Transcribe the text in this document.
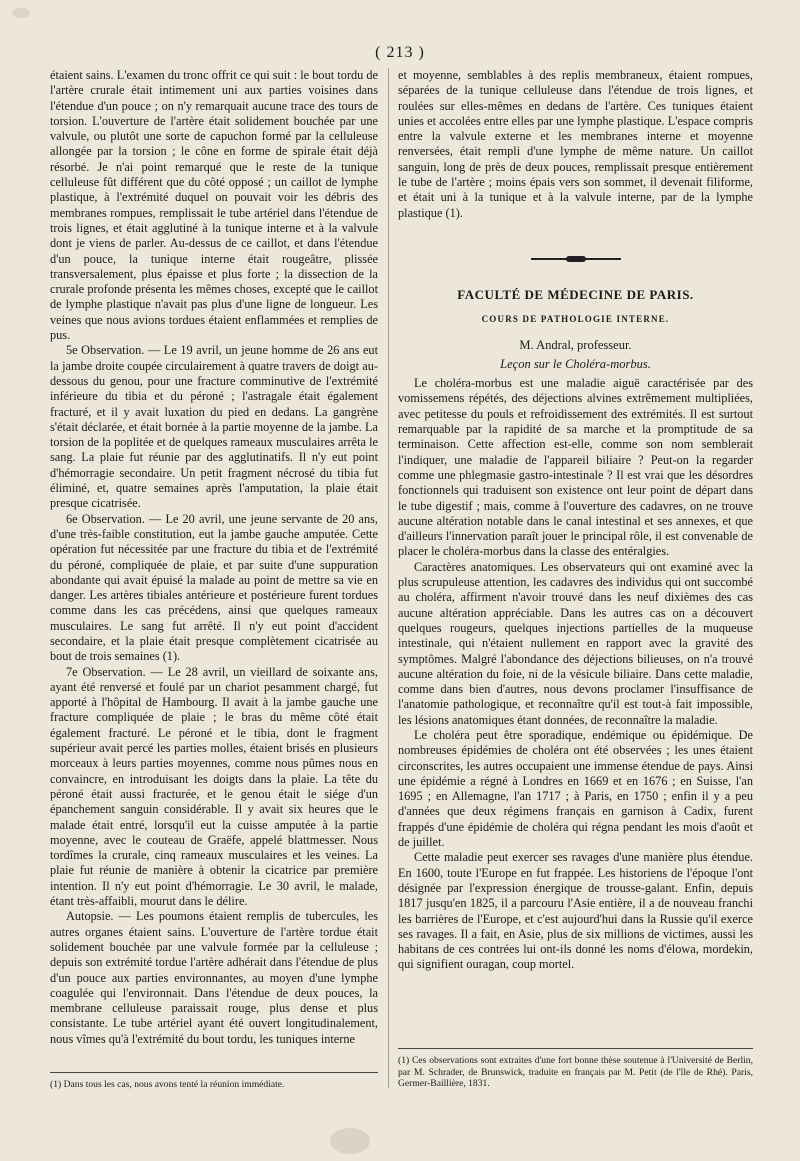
( 213 )

étaient sains. L'examen du tronc offrit ce qui suit : le bout tordu de l'artère crurale était intimement uni aux parties voisines dans l'étendue d'un pouce ; on n'y remarquait aucune trace des tours de torsion. L'ouverture de l'artère était solidement bouchée par une valvule, ou plutôt une sorte de capuchon formé par la celluleuse allongée par la torsion ; le cône en forme de spirale était déjà résorbé. Je n'ai point remarqué que le reste de la tunique celluleuse fût différent que du côté opposé ; un caillot de lymphe plastique, à l'extrémité duquel on pouvait voir les débris des membranes rompues, remplissait le tube artériel dans l'étendue de trois lignes, et était agglutiné à la tunique interne et à la valvule dont je viens de parler. Au-dessus de ce caillot, et dans l'étendue d'un pouce, la tunique interne était rougeâtre, plissée transversalement, plus épaisse et plus forte ; la dissection de la crurale profonde présenta les mêmes choses, excepté que le caillot de lymphe plastique n'avait pas plus d'une ligne de longueur. Les veines que nous avions tordues étaient enflammées et remplies de pus.

5e Observation. — Le 19 avril, un jeune homme de 26 ans eut la jambe droite coupée circulairement à quatre travers de doigt au-dessous du genou, pour une fracture comminutive de l'extrémité inférieure du tibia et du péroné ; l'astragale était également fracturé, et il y avait luxation du pied en dedans. La gangrène s'était déclarée, et était bornée à la partie moyenne de la jambe. La torsion de la poplitée et de quelques rameaux musculaires arrêta le sang. La plaie fut réunie par des agglutinatifs. Il n'y eut point d'hémorragie secondaire. Un petit fragment nécrosé du tibia fut éliminé, et, quatre semaines après l'amputation, la plaie était presque cicatrisée.

6e Observation. — Le 20 avril, une jeune servante de 20 ans, d'une très-faible constitution, eut la jambe gauche amputée. Cette opération fut nécessitée par une fracture du tibia et de l'extrémité du péroné, compliquée de plaie, et par suite d'une suppuration abondante qui avait épuisé la malade au point de mettre sa vie en danger. Les artères tibiales antérieure et postérieure furent tordues comme dans les cas précédens, ainsi que quelques rameaux musculaires. Le sang fut arrêté. Il n'y eut point d'accident secondaire, et la plaie était presque complètement cicatrisée au bout de trois semaines (1).

7e Observation. — Le 28 avril, un vieillard de soixante ans, ayant été renversé et foulé par un chariot pesamment chargé, fut apporté à l'hôpital de Hambourg. Il avait à la jambe gauche une fracture compliquée de plaie ; le bras du même côté était également fracturé. Le péroné et le tibia, dont le fragment supérieur avait percé les parties molles, étaient brisés en plusieurs morceaux à leurs parties moyennes, comme nous pûmes nous en convaincre, en introduisant les doigts dans la plaie. La tête du péroné était aussi fracturée, et le genou était le siége d'un épanchement sanguin considérable. Il y avait six heures que le malade était entré, lorsqu'il eut la cuisse amputée à la partie moyenne, avec le couteau de Graëfe, appelé blattmesser. Nous tordîmes la crurale, cinq rameaux musculaires et les veines. La plaie fut réunie de manière à obtenir la cicatrice par première intention. Il n'y eut point d'hémorragie. Le 30 avril, le malade, étant très-affaibli, mourut dans le délire.

Autopsie. — Les poumons étaient remplis de tubercules, les autres organes étaient sains. L'ouverture de l'artère tordue était solidement bouchée par une valvule formée par la celluleuse ; depuis son extrémité tordue l'artère adhérait dans l'étendue de plus d'un pouce aux parties environnantes, au moyen d'une lymphe coagulée qui l'environnait. Dans l'étendue de deux pouces, la membrane celluleuse paraissait rouge, plus dense et plus consistante. Le tube artériel ayant été ouvert longitudinalement, nous vîmes qu'à l'extrémité du bout tordu, les tuniques interne

(1) Dans tous les cas, nous avons tenté la réunion immédiate.

et moyenne, semblables à des replis membraneux, étaient rompues, séparées de la tunique celluleuse dans l'étendue de trois lignes, et roulées sur elles-mêmes en dedans de l'artère. Ces tuniques étaient unies et accolées entre elles par une lymphe plastique. L'espace compris entre la valvule externe et les membranes interne et moyenne renversées, était rempli d'une lymphe de même nature. Un caillot sanguin, long de près de deux pouces, remplissait presque entièrement le tube de l'artère ; moins épais vers son sommet, il devenait filiforme, et était uni à la tunique et à la valvule interne, par de la lymphe plastique (1).

FACULTÉ DE MÉDECINE DE PARIS.
COURS DE PATHOLOGIE INTERNE.
M. Andral, professeur.
Leçon sur le Choléra-morbus.

Le choléra-morbus est une maladie aiguë caractérisée par des vomissemens répétés, des déjections alvines extrêmement multipliées, avec petitesse du pouls et refroidissement des extrémités. Il est surtout remarquable par la rapidité de sa marche et la promptitude de sa terminaison. Cette affection est-elle, comme son nom semblerait l'indiquer, une maladie de l'appareil biliaire ? Peut-on la regarder comme une phlegmasie gastro-intestinale ? Il est vrai que les désordres fonctionnels qui traduisent son existence ont leur point de départ dans le tube digestif ; mais, comme à l'ouverture des cadavres, on ne trouve aucune altération notable dans le canal intestinal et ses annexes, et que d'ailleurs l'innervation paraît jouer le principal rôle, il est convenable de placer le choléra-morbus dans la classe des entéralgies.

Caractères anatomiques. Les observateurs qui ont examiné avec la plus scrupuleuse attention, les cadavres des individus qui ont succombé au choléra, affirment n'avoir trouvé dans les neuf dixièmes des cas aucune altération appréciable. Dans les autres cas on a découvert quelques rougeurs, quelques injections partielles de la muqueuse intestinale, qui n'étaient nullement en rapport avec la gravité des symptômes. Malgré l'abondance des déjections bilieuses, on n'a trouvé aucune altération du foie, ni de la vésicule biliaire. Dans cette maladie, comme dans bien d'autres, nous devons proclamer l'insuffisance de l'anatomie pathologique, et reconnaître qu'il est tout-à fait impossible, les lésions anatomiques étant données, de reconnaître la maladie.

Le choléra peut être sporadique, endémique ou épidémique. De nombreuses épidémies de choléra ont été observées ; les unes étaient circonscrites, les autres occupaient une immense étendue de pays. Ainsi une épidémie a régné à Londres en 1669 et en 1676 ; en Suisse, l'an 1695 ; en Allemagne, l'an 1717 ; à Paris, en 1750 ; enfin il y a peu d'années que deux régimens français en garnison à Cadix, furent frappés d'une épidémie de choléra qui régna pendant les mois d'août et de juillet.

Cette maladie peut exercer ses ravages d'une manière plus étendue. En 1600, toute l'Europe en fut frappée. Les historiens de l'époque l'ont désignée par l'expression énergique de trousse-galant. Enfin, depuis 1817 jusqu'en 1825, il a parcouru l'Asie entière, il a de nouveau franchi les barrières de l'Europe, et c'est aujourd'hui dans la Russie qu'il exerce ses ravages. Il a fait, en Asie, plus de six millions de victimes, aussi les habitans de ces contrées lui ont-ils donné les noms d'élowa, mordekin, qui signifient ouragan, coup mortel.

(1) Ces observations sont extraites d'une fort bonne thèse soutenue à l'Université de Berlin, par M. Schrader, de Brunswick, traduite en français par M. Petit (de l'île de Rhé). Paris, Germer-Baillière, 1831.
